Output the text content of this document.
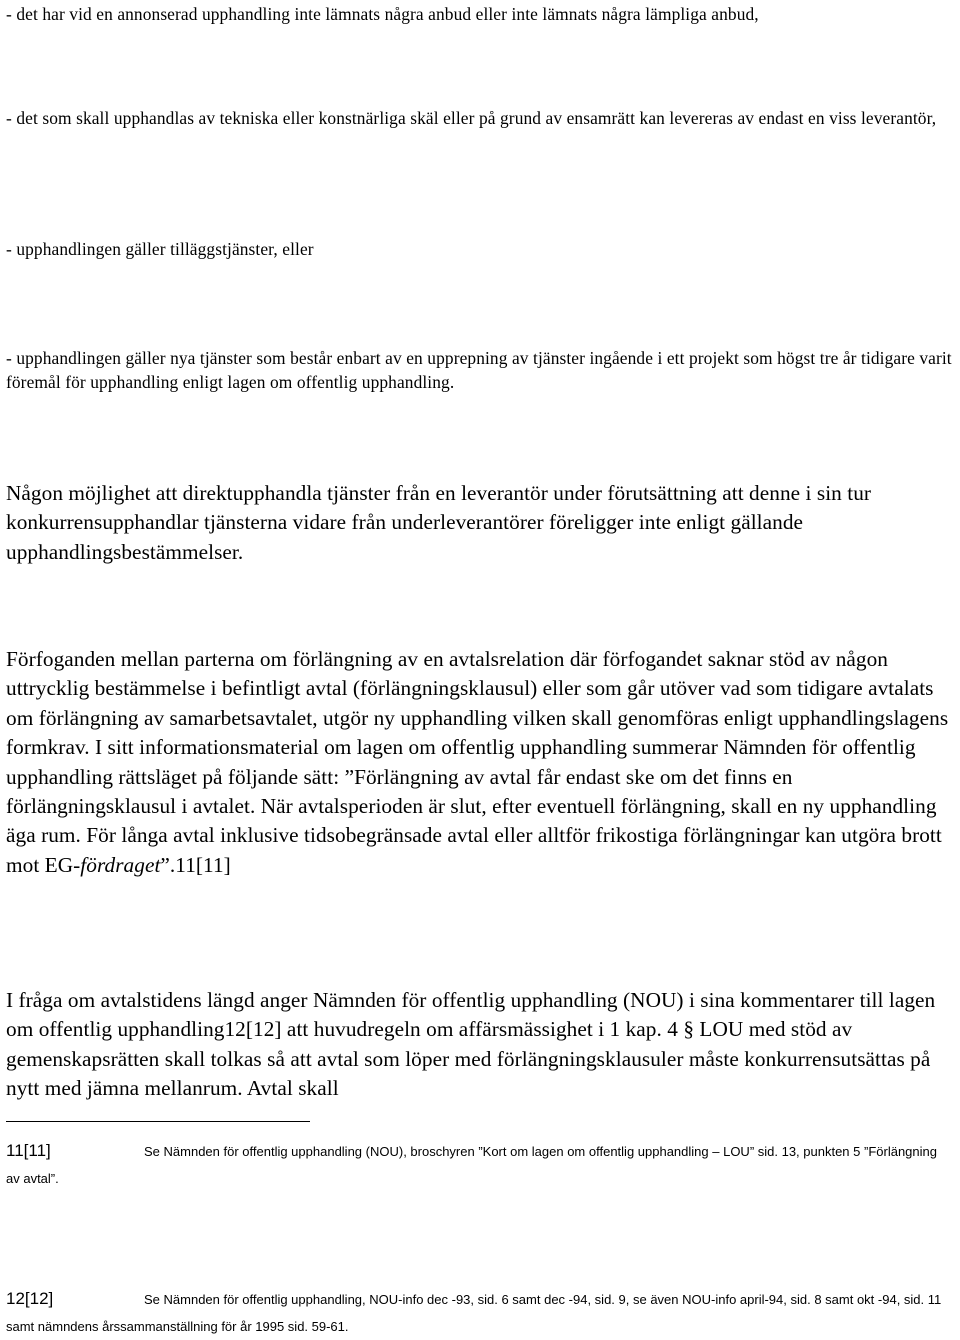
- det har vid en annonserad upphandling inte lämnats några anbud eller inte lämnats några lämpliga anbud,

- det som skall upphandlas av tekniska eller konstnärliga skäl eller på grund av ensamrätt kan levereras av endast en viss leverantör,

- upphandlingen gäller tilläggstjänster, eller

- upphandlingen gäller nya tjänster som består enbart av en upprepning av tjänster ingående i ett projekt som högst tre år tidigare varit föremål för upphandling enligt lagen om offentlig upphandling.

Någon möjlighet att direktupphandla tjänster från en leverantör under förutsättning att denne i sin tur konkurrensupphandlar tjänsterna vidare från underleverantörer föreligger inte enligt gällande upphandlingsbestämmelser.

Förfoganden mellan parterna om förlängning av en avtalsrelation där förfogandet saknar stöd av någon uttrycklig bestämmelse i befintligt avtal (förlängningsklausul) eller som går utöver vad som tidigare avtalats om förlängning av samarbetsavtalet, utgör ny upphandling vilken skall genomföras enligt upphandlingslagens formkrav. I sitt informationsmaterial om lagen om offentlig upphandling summerar Nämnden för offentlig upphandling rättsläget på följande sätt: ”Förlängning av avtal får endast ske om det finns en förlängningsklausul i avtalet. När avtalsperioden är slut, efter eventuell förlängning, skall en ny upphandling äga rum. För långa avtal inklusive tidsobegränsade avtal eller alltför frikostiga förlängningar kan utgöra brott mot EG-fördraget”.11[11]

I fråga om avtalstidens längd anger Nämnden för offentlig upphandling (NOU) i sina kommentarer till lagen om offentlig upphandling12[12] att huvudregeln om affärsmässighet i 1 kap. 4 § LOU med stöd av gemenskapsrätten skall tolkas så att avtal som löper med förlängningsklausuler måste konkurrensutsättas på nytt med jämna mellanrum. Avtal skall

11[11]	Se Nämnden för offentlig upphandling (NOU), broschyren ”Kort om lagen om offentlig upphandling – LOU” sid. 13, punkten 5 ”Förlängning av avtal”.

12[12]	Se Nämnden för offentlig upphandling, NOU-info dec -93, sid. 6 samt dec -94, sid. 9, se även NOU-info april-94, sid. 8 samt okt -94, sid. 11 samt nämndens årssammanställning för år 1995 sid. 59-61.
